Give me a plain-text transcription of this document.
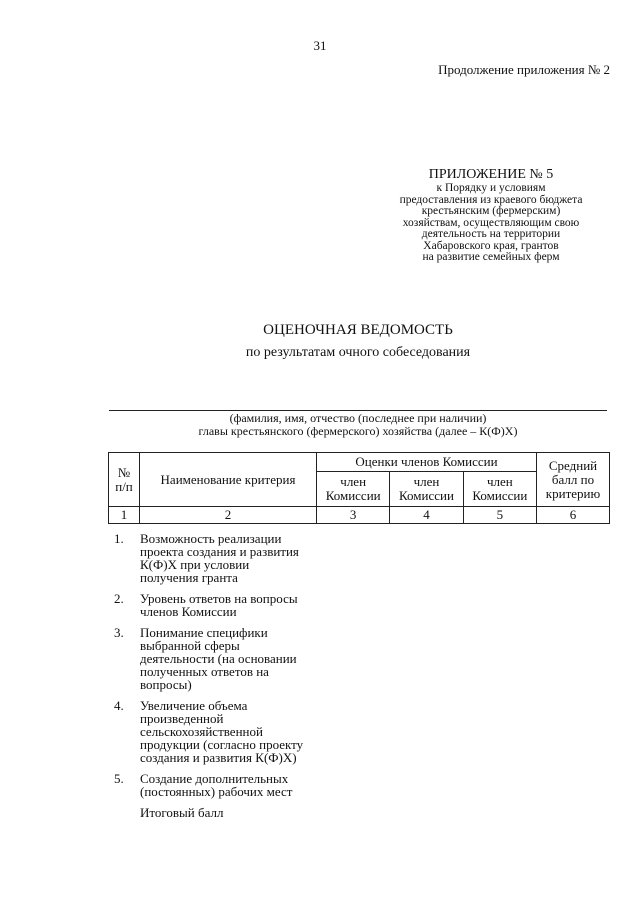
31
Продолжение приложения № 2
ПРИЛОЖЕНИЕ № 5
к Порядку и условиям
предоставления из краевого бюджета
крестьянским (фермерским)
хозяйствам, осуществляющим свою
деятельность на территории
Хабаровского края, грантов
на развитие семейных ферм
ОЦЕНОЧНАЯ ВЕДОМОСТЬ
по результатам очного собеседования
(фамилия, имя, отчество (последнее при наличии)
главы крестьянского (фермерского) хозяйства (далее – К(Ф)Х)
№ п/п	Наименование критерия	Оценки членов Комиссии			Средний балл по критерию
		член Комиссии	член Комиссии	член Комиссии	
1	2	3	4	5	6
1.	Возможность реализации проекта создания и развития К(Ф)Х при условии получения гранта
2.	Уровень ответов на вопросы членов Комиссии
3.	Понимание специфики выбранной сферы деятельности (на основании полученных ответов на вопросы)
4.	Увеличение объема произведенной сельскохозяйственной продукции (согласно проекту создания и развития К(Ф)Х)
5.	Создание дополнительных (постоянных) рабочих мест
Итоговый балл
